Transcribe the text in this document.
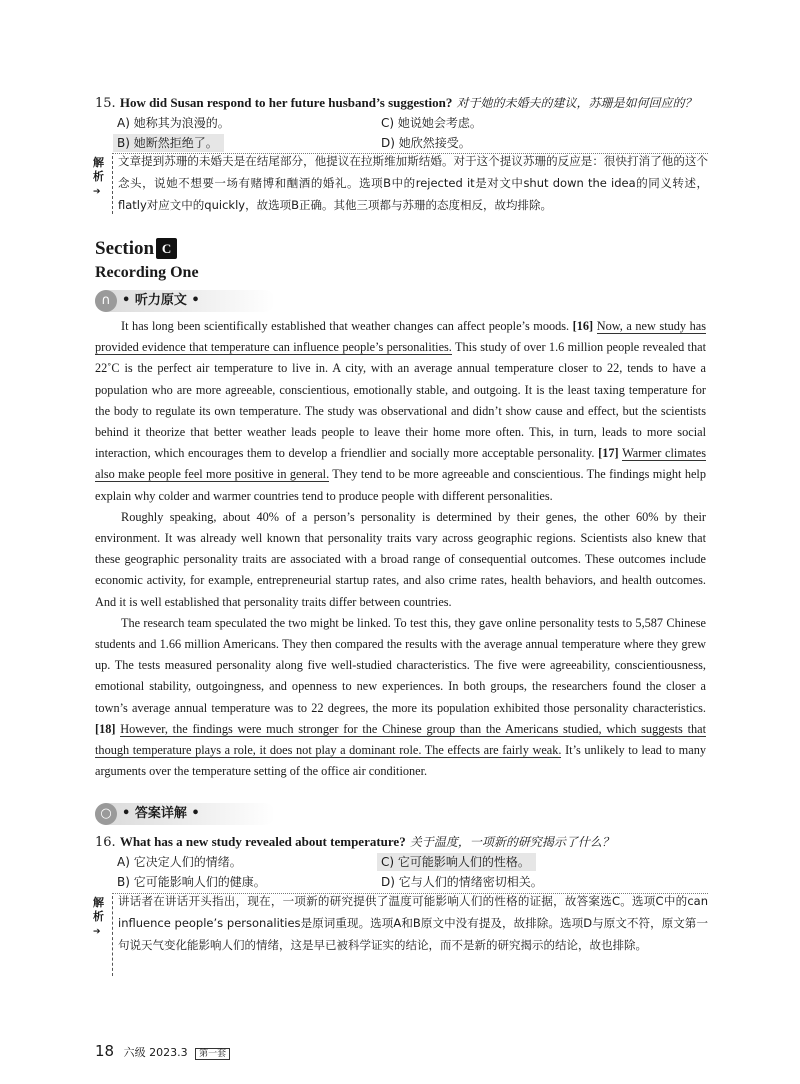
15. How did Susan respond to her future husband’s suggestion? 对于她的未婚夫的建议，苏珊是如何回应的？
A) 她称其为浪漫的。	C) 她说她会考虑。
B) 她断然拒绝了。	D) 她欣然接受。
解析➔
文章提到苏珊的未婚夫是在结尾部分，他提议在拉斯维加斯结婚。对于这个提议苏珊的反应是：很快打消了他的这个念头，说她不想要一场有赌博和酗酒的婚礼。选项B中的rejected it是对文中shut down the idea的同义转述，flatly对应文中的quickly，故选项B正确。其他三项都与苏珊的态度相反，故均排除。
Section C
Recording One
∩ • 听力原文 •

It has long been scientifically established that weather changes can affect people’s moods. [16] Now, a new study has provided evidence that temperature can influence people’s personalities. This study of over 1.6 million people revealed that 22˚C is the perfect air temperature to live in. A city, with an average annual temperature closer to 22, tends to have a population who are more agreeable, conscientious, emotionally stable, and outgoing. It is the least taxing temperature for the body to regulate its own temperature. The study was observational and didn’t show cause and effect, but the scientists behind it theorize that better weather leads people to leave their home more often. This, in turn, leads to more social interaction, which encourages them to develop a friendlier and socially more acceptable personality. [17] Warmer climates also make people feel more positive in general. They tend to be more agreeable and conscientious. The findings might help explain why colder and warmer countries tend to produce people with different personalities.

Roughly speaking, about 40% of a person’s personality is determined by their genes, the other 60% by their environment. It was already well known that personality traits vary across geographic regions. Scientists also knew that these geographic personality traits are associated with a broad range of consequential outcomes. These outcomes include economic activity, for example, entrepreneurial startup rates, and also crime rates, health behaviors, and health outcomes. And it is well established that personality traits differ between countries.

The research team speculated the two might be linked. To test this, they gave online personality tests to 5,587 Chinese students and 1.66 million Americans. They then compared the results with the average annual temperature where they grew up. The tests measured personality along five well-studied characteristics. The five were agreeability, conscientiousness, emotional stability, outgoingness, and openness to new experiences. In both groups, the researchers found the closer a town’s average annual temperature was to 22 degrees, the more its population exhibited those personality characteristics. [18] However, the findings were much stronger for the Chinese group than the Americans studied, which suggests that though temperature plays a role, it does not play a dominant role. The effects are fairly weak. It’s unlikely to lead to many arguments over the temperature setting of the office air conditioner.

○ • 答案详解 •
16. What has a new study revealed about temperature? 关于温度，一项新的研究揭示了什么？
A) 它决定人们的情绪。	C) 它可能影响人们的性格。
B) 它可能影响人们的健康。	D) 它与人们的情绪密切相关。
解析➔
讲话者在讲话开头指出，现在，一项新的研究提供了温度可能影响人们的性格的证据，故答案选C。选项C中的can influence people’s personalities是原词重现。选项A和B原文中没有提及，故排除。选项D与原文不符，原文第一句说天气变化能影响人们的情绪，这是早已被科学证实的结论，而不是新的研究揭示的结论，故也排除。
18 六级 2023.3 第一套
